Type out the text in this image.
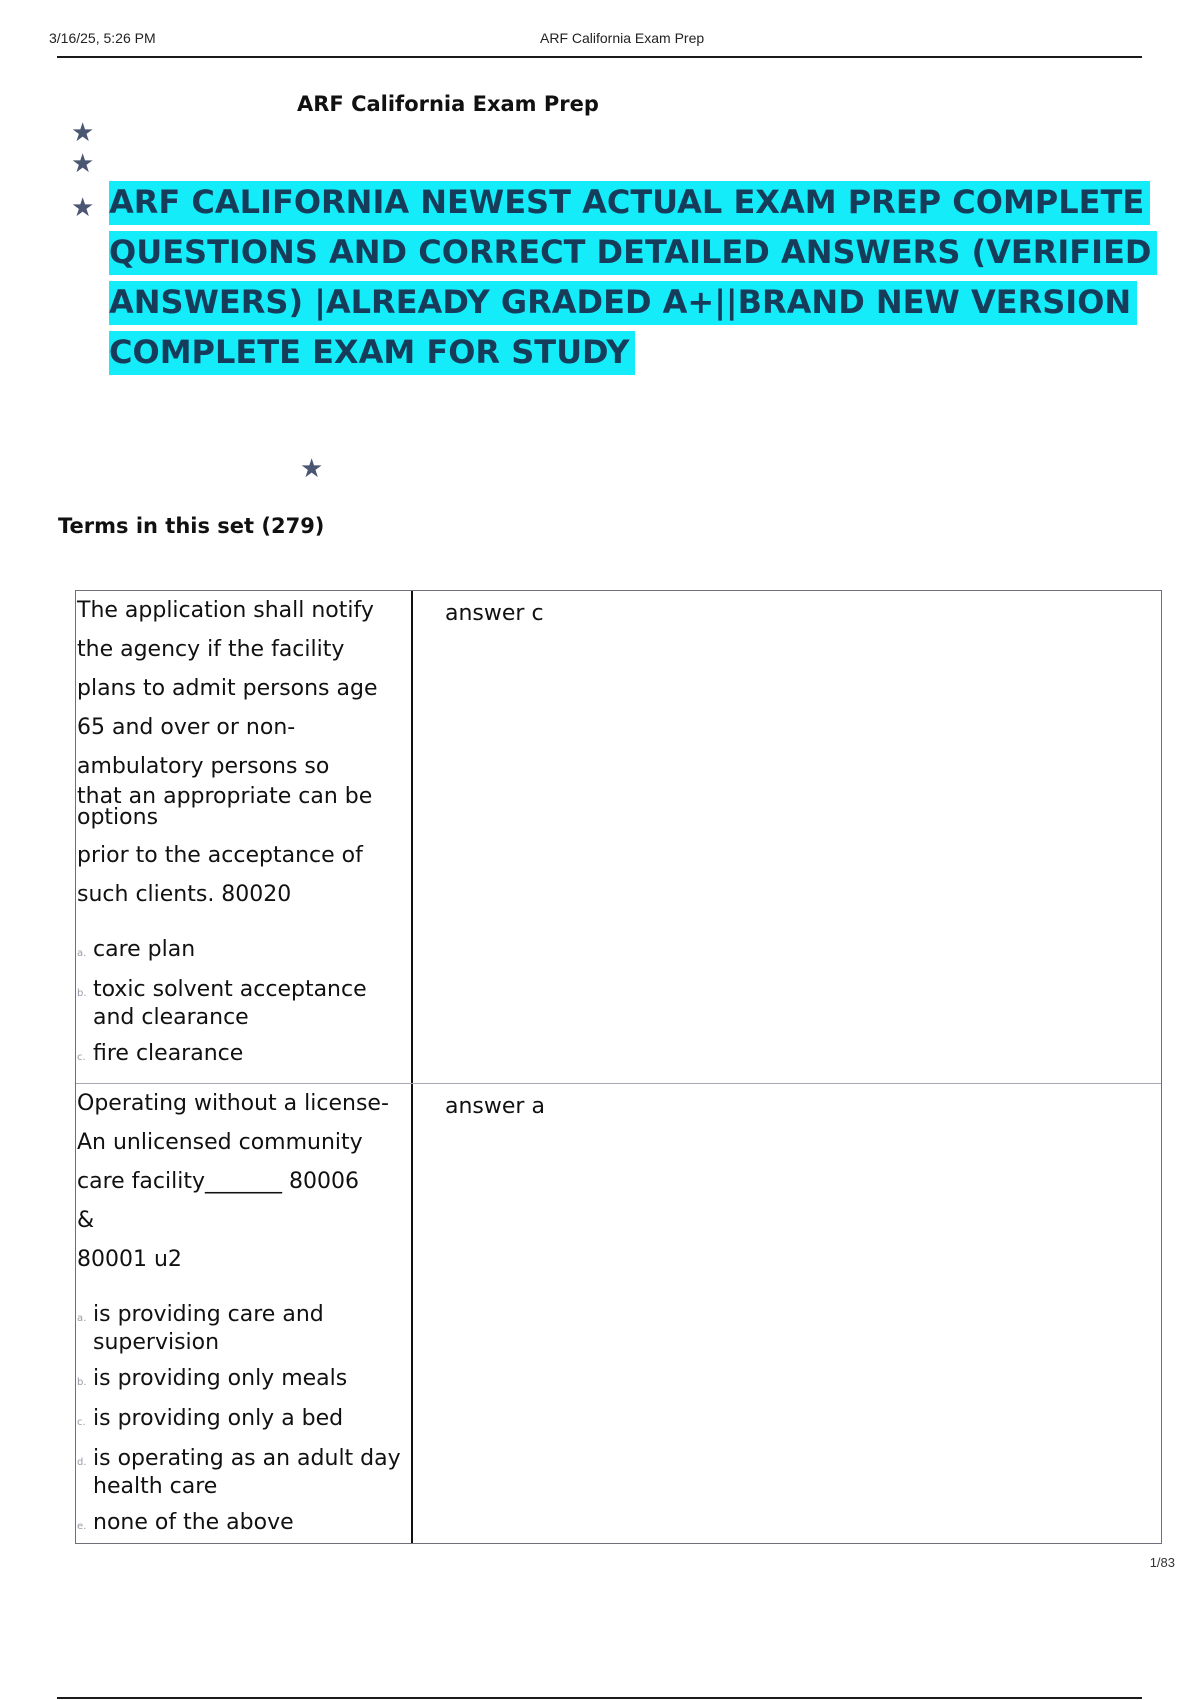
3/16/25, 5:26 PM	ARF California Exam Prep
ARF California Exam Prep
★
★
★
★
ARF CALIFORNIA NEWEST ACTUAL EXAM PREP COMPLETE
QUESTIONS AND CORRECT DETAILED ANSWERS (VERIFIED
ANSWERS) |ALREADY GRADED A+||BRAND NEW VERSION
COMPLETE EXAM FOR STUDY
Terms in this set (279)
The application shall notify
the agency if the facility
plans to admit persons age
65 and over or non-
ambulatory persons so
that an appropriate can be
options
prior to the acceptance of
such clients. 80020
a. care plan
b. toxic solvent acceptance and clearance
c. fire clearance
answer c
Operating without a license-
An unlicensed community
care facility_______ 80006
&
80001 u2
a. is providing care and supervision
b. is providing only meals
c. is providing only a bed
d. is operating as an adult day health care
e. none of the above
answer a
1/83
